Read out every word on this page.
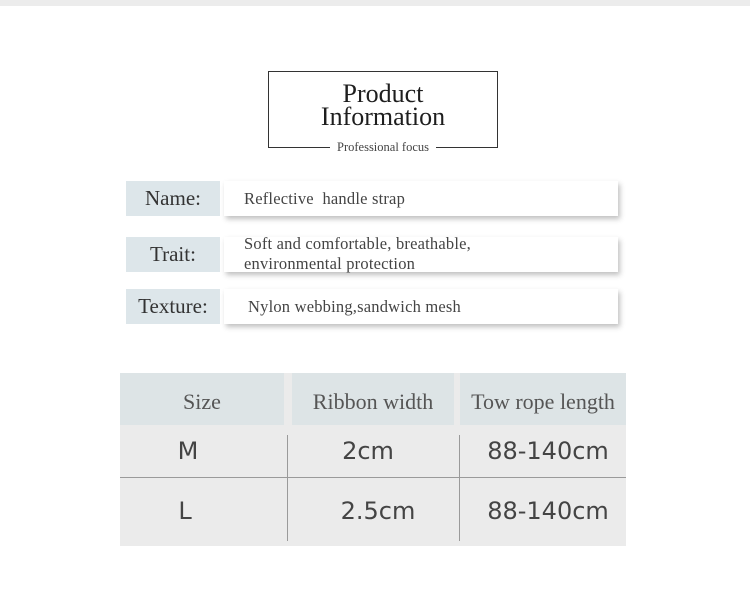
Product
Information
Professional focus
Name:	Reflective  handle strap
Trait:	Soft and comfortable, breathable,
environmental protection
Texture:	Nylon webbing,sandwich mesh
Size	Ribbon width	Tow rope length
M	2cm	88-140cm
L	2.5cm	88-140cm
